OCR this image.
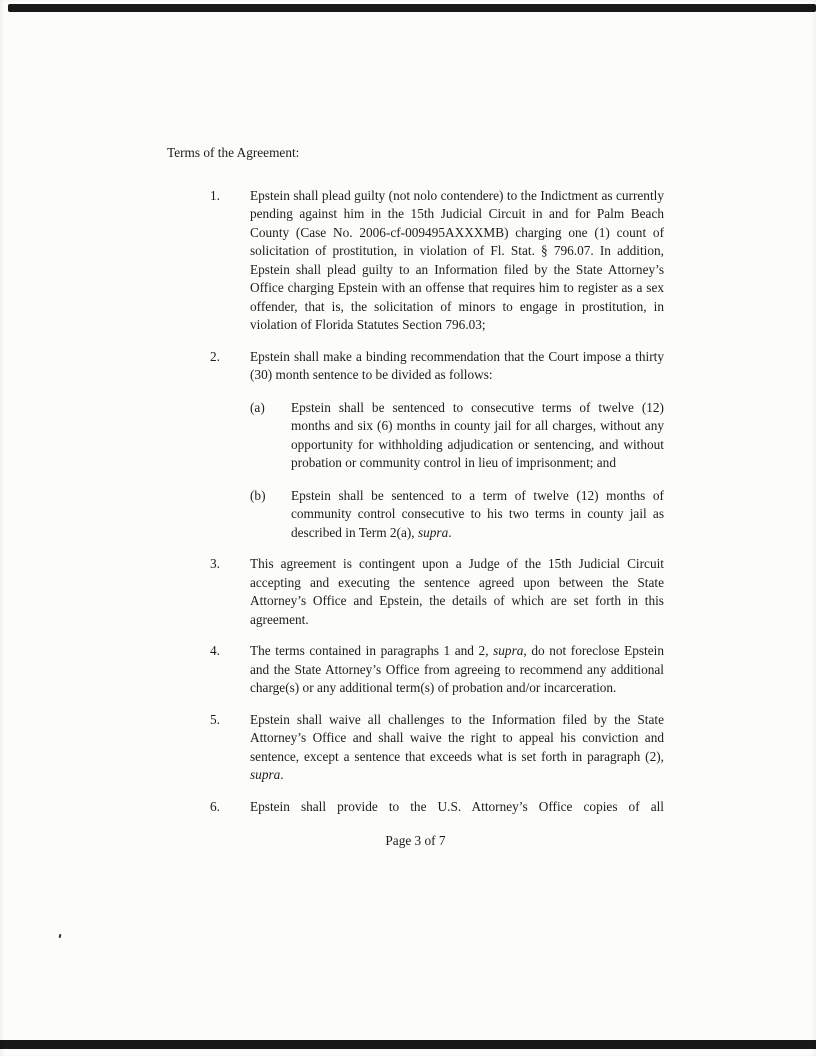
Terms of the Agreement:

1.	Epstein shall plead guilty (not nolo contendere) to the Indictment as currently pending against him in the 15th Judicial Circuit in and for Palm Beach County (Case No. 2006-cf-009495AXXXMB) charging one (1) count of solicitation of prostitution, in violation of Fl. Stat. § 796.07. In addition, Epstein shall plead guilty to an Information filed by the State Attorney’s Office charging Epstein with an offense that requires him to register as a sex offender, that is, the solicitation of minors to engage in prostitution, in violation of Florida Statutes Section 796.03;

2.	Epstein shall make a binding recommendation that the Court impose a thirty (30) month sentence to be divided as follows:

(a)	Epstein shall be sentenced to consecutive terms of twelve (12) months and six (6) months in county jail for all charges, without any opportunity for withholding adjudication or sentencing, and without probation or community control in lieu of imprisonment; and

(b)	Epstein shall be sentenced to a term of twelve (12) months of community control consecutive to his two terms in county jail as described in Term 2(a), supra.

3.	This agreement is contingent upon a Judge of the 15th Judicial Circuit accepting and executing the sentence agreed upon between the State Attorney’s Office and Epstein, the details of which are set forth in this agreement.

4.	The terms contained in paragraphs 1 and 2, supra, do not foreclose Epstein and the State Attorney’s Office from agreeing to recommend any additional charge(s) or any additional term(s) of probation and/or incarceration.

5.	Epstein shall waive all challenges to the Information filed by the State Attorney’s Office and shall waive the right to appeal his conviction and sentence, except a sentence that exceeds what is set forth in paragraph (2), supra.

6.	Epstein shall provide to the U.S. Attorney’s Office copies of all

Page 3 of 7
